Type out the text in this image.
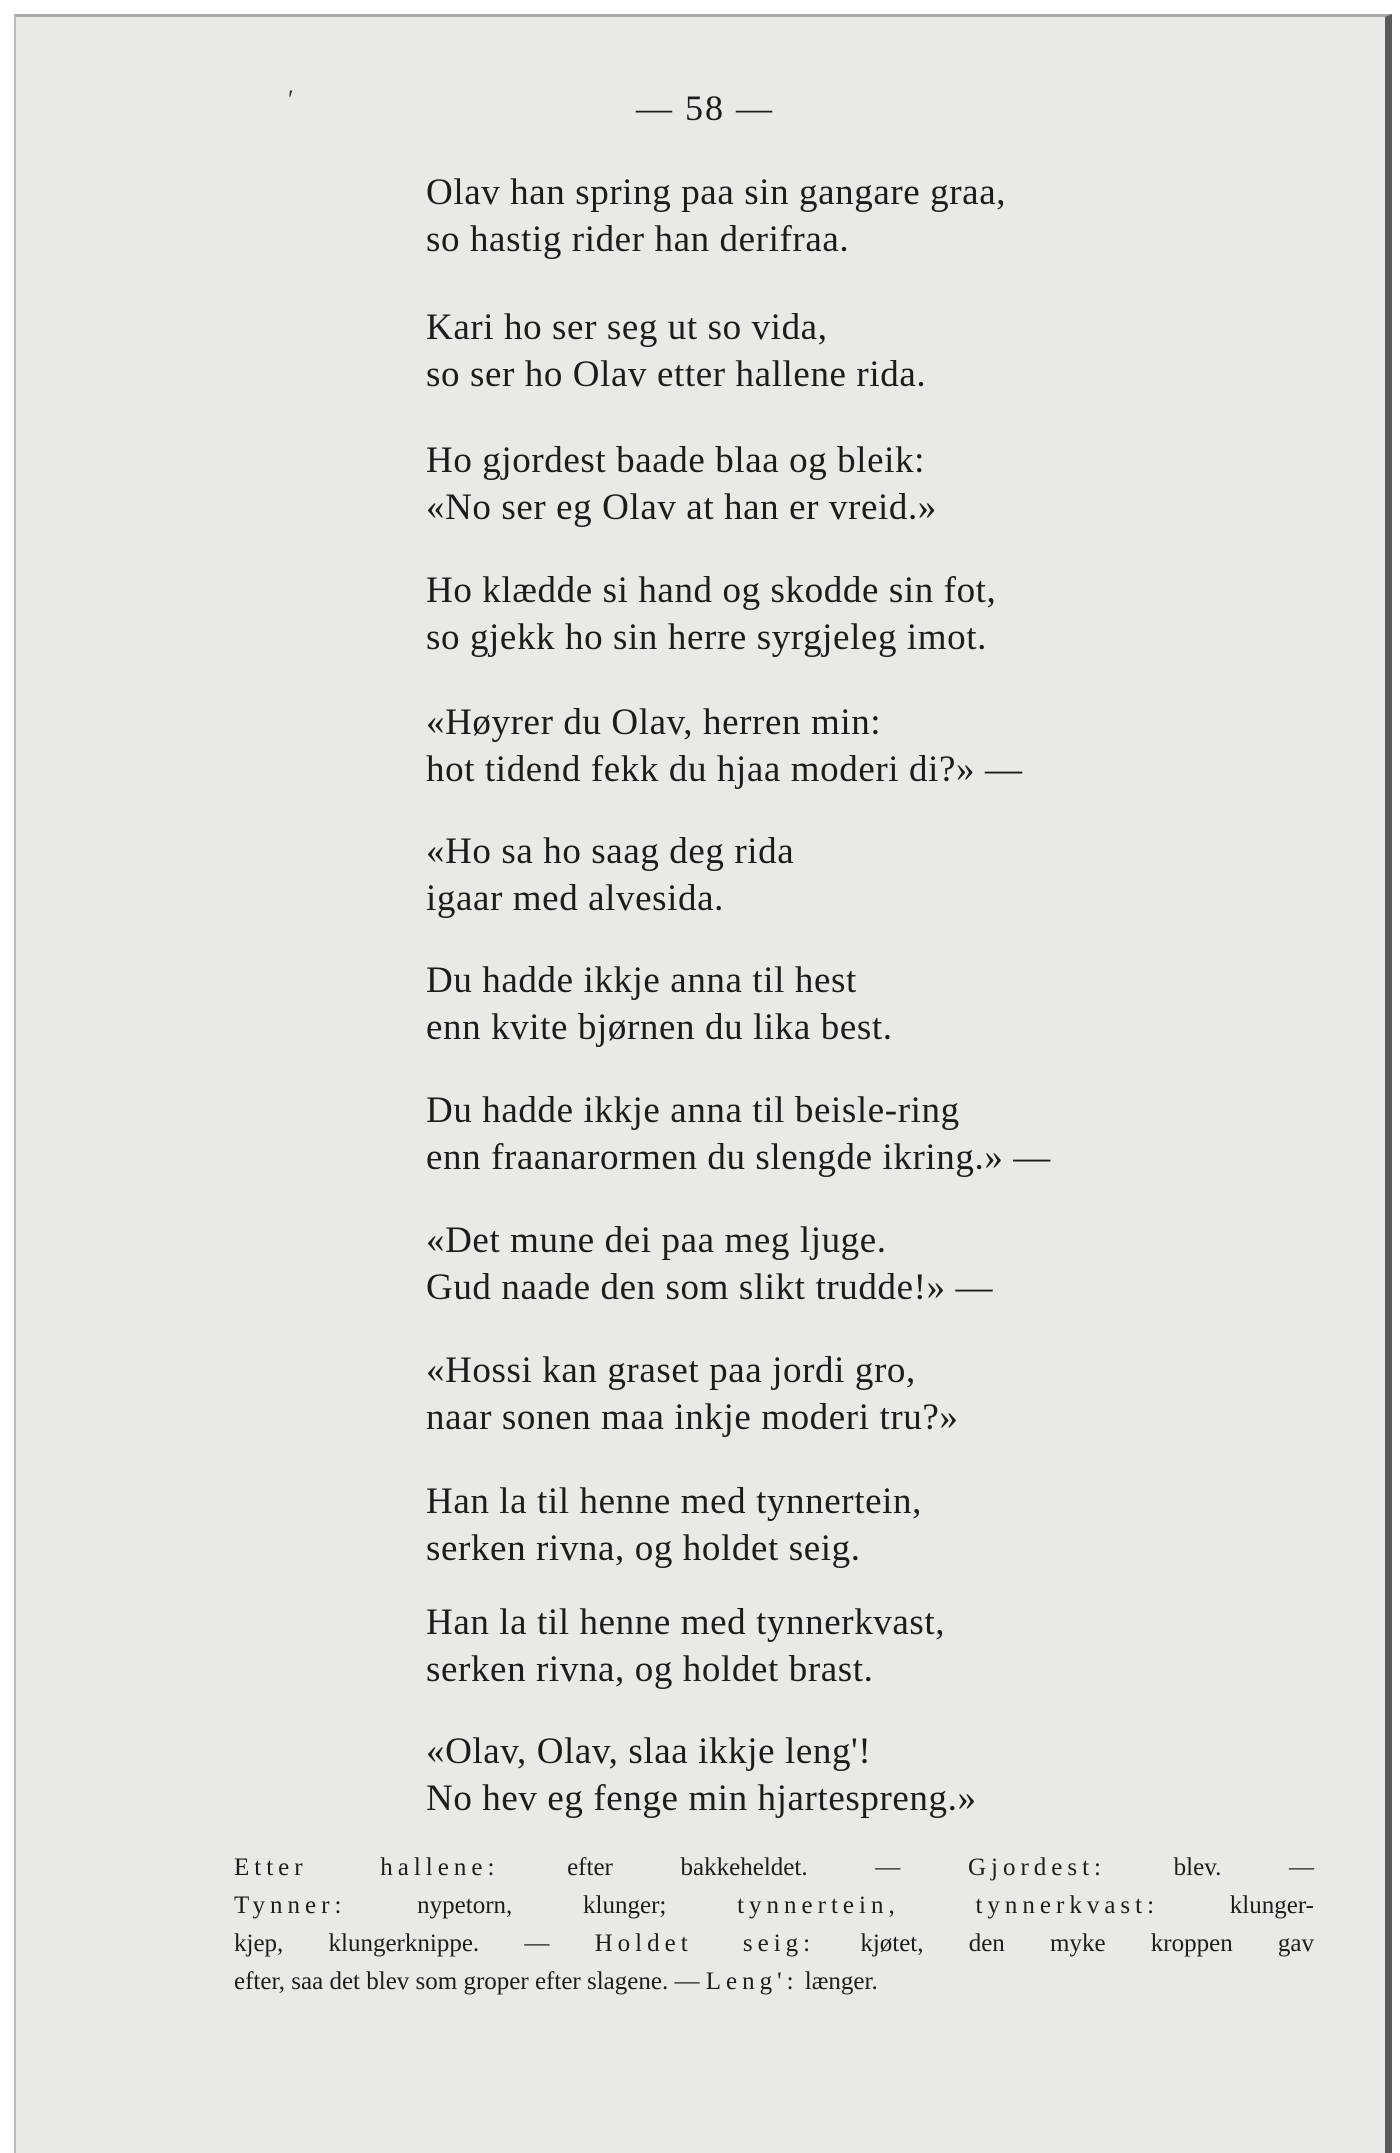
′	— 58 —
Olav han spring paa sin gangare graa,
so hastig rider han derifraa.
Kari ho ser seg ut so vida,
so ser ho Olav etter hallene rida.
Ho gjordest baade blaa og bleik:
«No ser eg Olav at han er vreid.»
Ho klædde si hand og skodde sin fot,
so gjekk ho sin herre syrgjeleg imot.
«Høyrer du Olav, herren min:
hot tidend fekk du hjaa moderi di?» —
«Ho sa ho saag deg rida
igaar med alvesida.
Du hadde ikkje anna til hest
enn kvite bjørnen du lika best.
Du hadde ikkje anna til beisle-ring
enn fraanarormen du slengde ikring.» —
«Det mune dei paa meg ljuge.
Gud naade den som slikt trudde!» —
«Hossi kan graset paa jordi gro,
naar sonen maa inkje moderi tru?»
Han la til henne med tynnertein,
serken rivna, og holdet seig.
Han la til henne med tynnerkvast,
serken rivna, og holdet brast.
«Olav, Olav, slaa ikkje leng'!
No hev eg fenge min hjartespreng.»
Etter hallene:	efter bakkeheldet. —	Gjordest:	blev. —
Tynner:	nypetorn, klunger;	tynnertein, tynnerkvast:	klunger-
kjep, klungerknippe. — Holdet seig: kjøtet, den myke kroppen gav
efter, saa det blev som groper efter slagene. — Leng': længer.
